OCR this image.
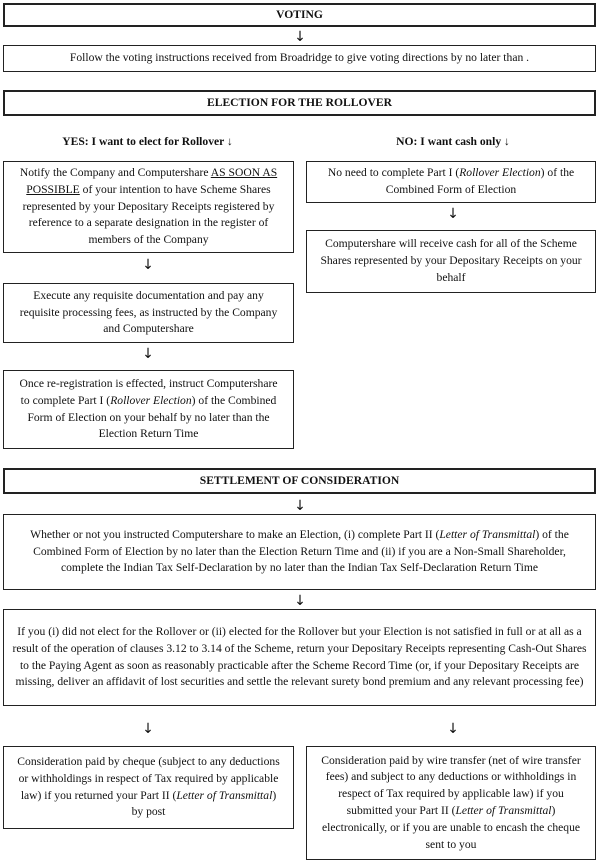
VOTING
↓
Follow the voting instructions received from Broadridge to give voting directions by no later than .
ELECTION FOR THE ROLLOVER
YES: I want to elect for Rollover ↓	NO: I want cash only ↓
Notify the Company and Computershare AS SOON AS POSSIBLE of your intention to have Scheme Shares represented by your Depositary Receipts registered by reference to a separate designation in the register of members of the Company
↓
Execute any requisite documentation and pay any requisite processing fees, as instructed by the Company and Computershare
↓
Once re-registration is effected, instruct Computershare to complete Part I (Rollover Election) of the Combined Form of Election on your behalf by no later than the Election Return Time
No need to complete Part I (Rollover Election) of the Combined Form of Election
↓
Computershare will receive cash for all of the Scheme Shares represented by your Depositary Receipts on your behalf
SETTLEMENT OF CONSIDERATION
↓
Whether or not you instructed Computershare to make an Election, (i) complete Part II (Letter of Transmittal) of the Combined Form of Election by no later than the Election Return Time and (ii) if you are a Non-Small Shareholder, complete the Indian Tax Self-Declaration by no later than the Indian Tax Self-Declaration Return Time
↓
If you (i) did not elect for the Rollover or (ii) elected for the Rollover but your Election is not satisfied in full or at all as a result of the operation of clauses 3.12 to 3.14 of the Scheme, return your Depositary Receipts representing Cash-Out Shares to the Paying Agent as soon as reasonably practicable after the Scheme Record Time (or, if your Depositary Receipts are missing, deliver an affidavit of lost securities and settle the relevant surety bond premium and any relevant processing fee)
↓	↓
Consideration paid by cheque (subject to any deductions or withholdings in respect of Tax required by applicable law) if you returned your Part II (Letter of Transmittal) by post
Consideration paid by wire transfer (net of wire transfer fees) and subject to any deductions or withholdings in respect of Tax required by applicable law) if you submitted your Part II (Letter of Transmittal) electronically, or if you are unable to encash the cheque sent to you
